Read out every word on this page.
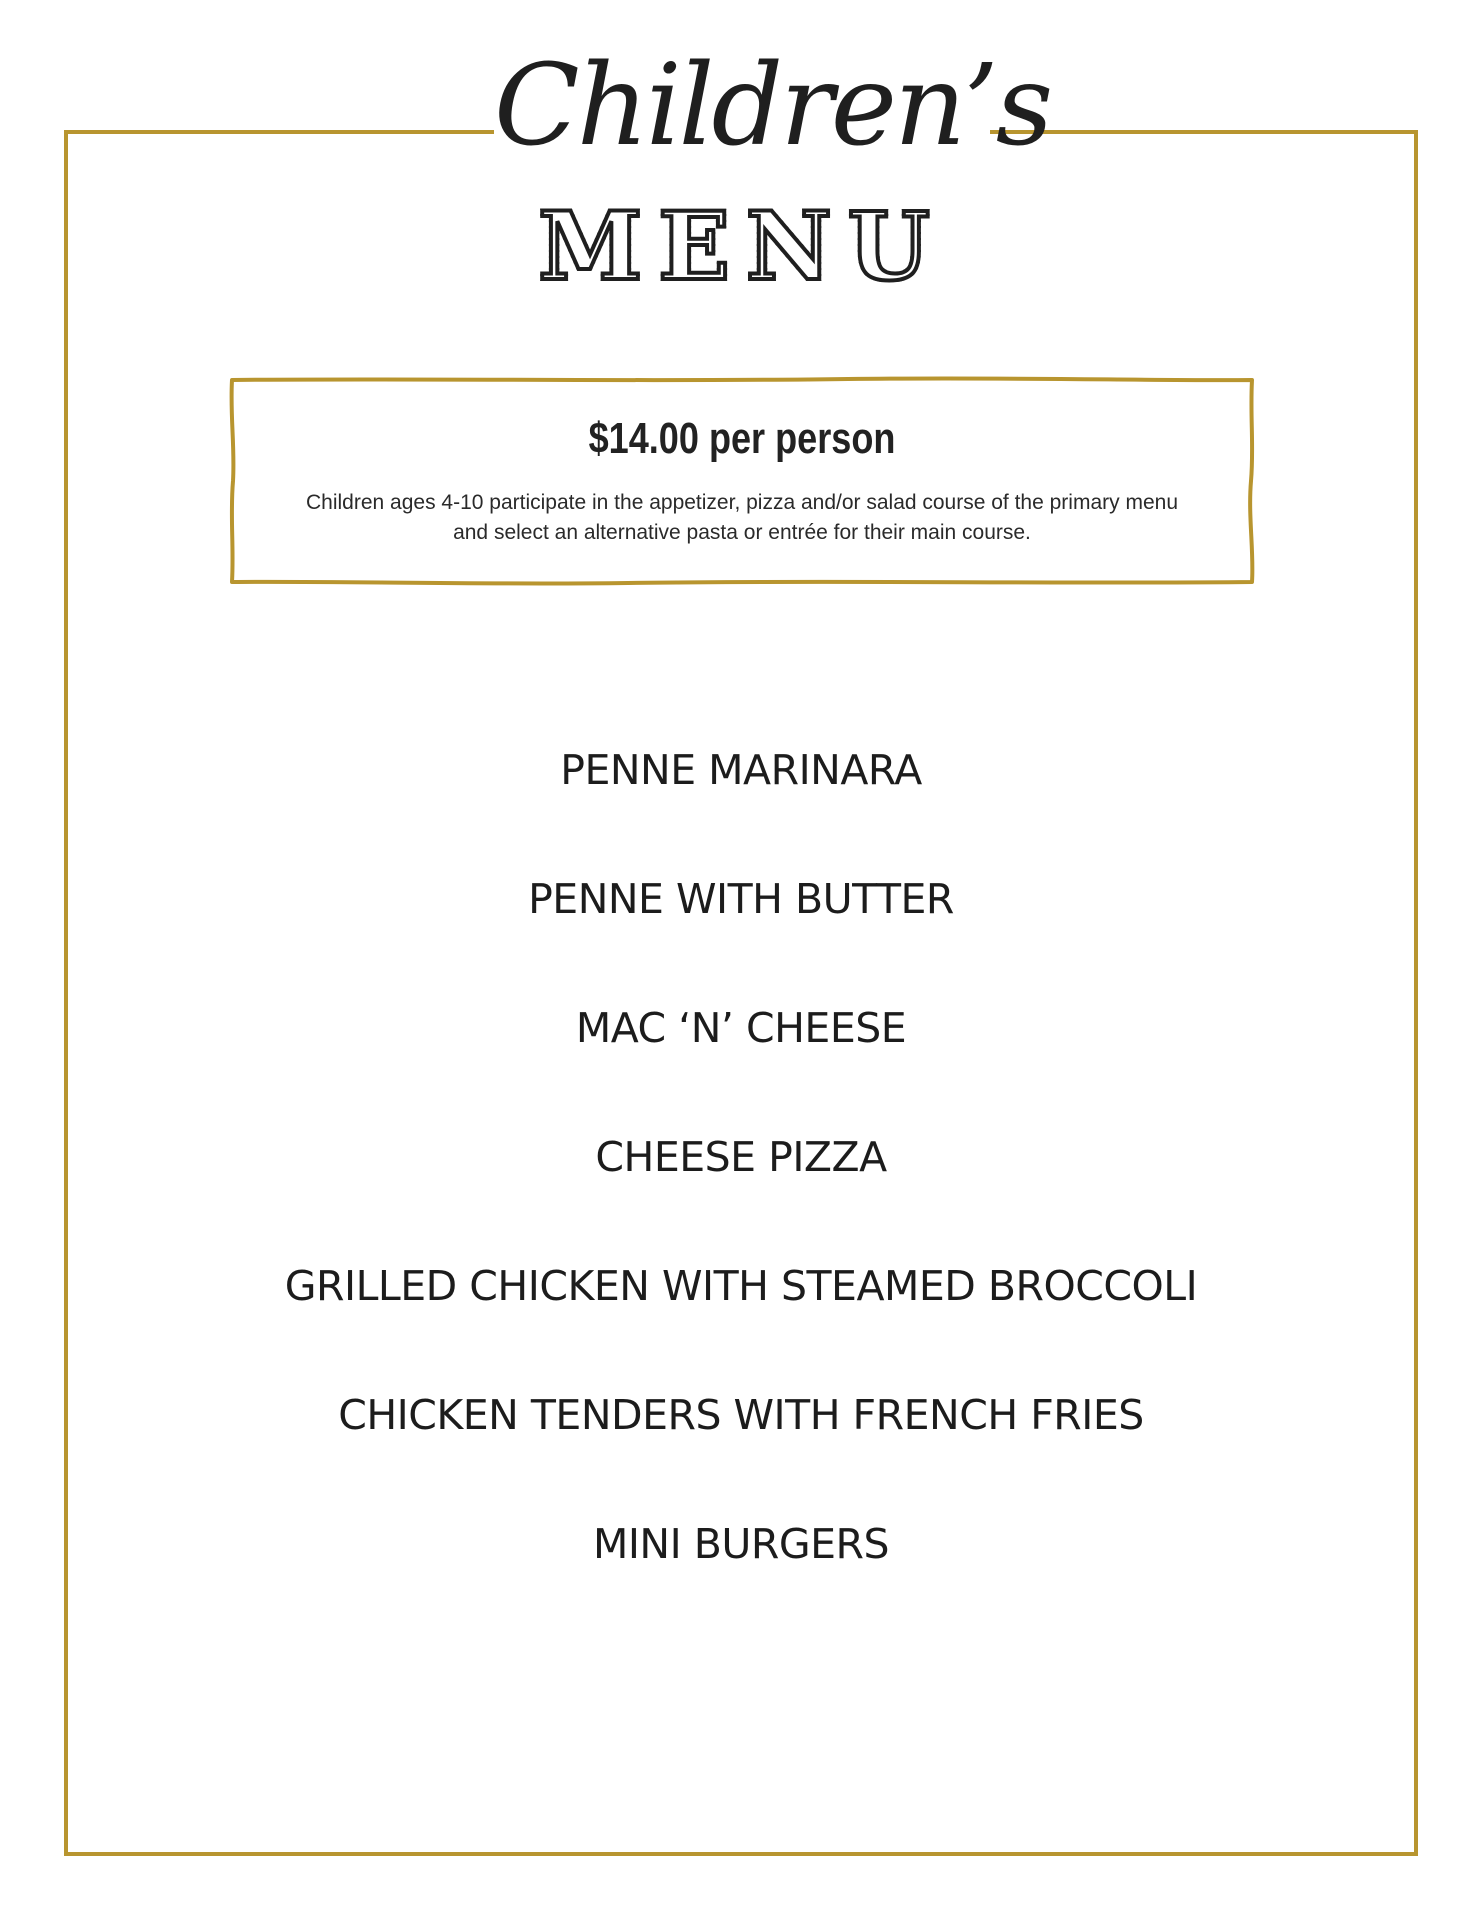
Children’s
MENU
$14.00 per person
Children ages 4-10 participate in the appetizer, pizza and/or salad course of the primary menu and select an alternative pasta or entrée for their main course.
PENNE MARINARA
PENNE WITH BUTTER
MAC ‘N’ CHEESE
CHEESE PIZZA
GRILLED CHICKEN WITH STEAMED BROCCOLI
CHICKEN TENDERS WITH FRENCH FRIES
MINI BURGERS
